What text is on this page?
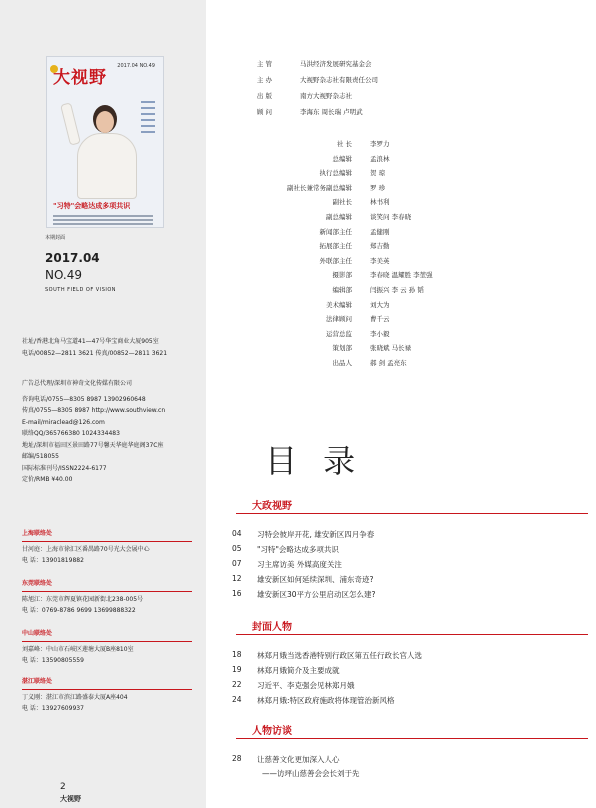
大视野
2017.04 NO.49
"习特"会略达成多项共识
本期封面
2017.04
NO.49
SOUTH FIELD OF VISION
社址/香港北角马宝道41—47号华宝商业大厦905室
电话/00852—2811 3621 传真/00852—2811 3621
广告总代理/深圳市神奇文化传媒有限公司
咨询电话/0755—8305 8987 13902960648
传真/0755—8305 8987 http://www.southview.cn
E-mail/miraclead@126.com
联络QQ/365766380 1024334483
地址/深圳市福田区景田路77号馨天华庭华庭阁37C座
邮编/518055
国际标准刊号/ISSN2224-6177
定价/RMB ¥40.00
上海联络处
甘河庭：上海市徐汇区番禺路70号光大会展中心
电 话：13901819882
东莞联络处
陈旭江：东莞市辉夏镇花园新街北238-005号
电 话：0769-8786 9699 13699888322
中山联络处
刘嘉峰：中山市石岐区莲塘大厦B座810室
电 话：13590805559
湛江联络处
丁义刚：湛江市滨江路盛泰大厦A座404
电 话：13927609937
2
大视野
主 管	马洪经济发展研究基金会
主 办	大视野杂志社有限责任公司
出 版	南方大视野杂志社
顾 问	李海东 周长瑞 卢明武
社 长	李罗力
总编辑	孟浪林
执行总编辑	贺 琼
副社长兼常务副总编辑	罗 珍
副社长	林书利
副总编辑	谈笑问 李春晓
新闻部主任	孟健刚
拓展部主任	郑吉勤
外联部主任	李美英
摄影部	李春晓 温耀胜 李堃强
编辑部	闫振兴 李 云 孙 韬
美术编辑	刘大为
法律顾问	曹千云
运营总监	李小毅
策划部	张晓斌 马长禄
出品人	郝 剑 孟亮东
目 录
大政视野
04	习特会彼岸开花, 雄安新区四月争春
05	"习特"会略达成多项共识
07	习主席访美 外媒高度关注
12	雄安新区如何延续深圳、浦东奇迹?
16	雄安新区30平方公里启动区怎么建?
封面人物
18	林郑月娥当选香港特别行政区第五任行政长官人选
19	林郑月娥简介及主要成就
22	习近平、李克强会见林郑月娥
24	林郑月娥:特区政府施政将体现管治新风格
人物访谈
28	让慈善文化更加深入人心
——访坪山慈善会会长刘于先
